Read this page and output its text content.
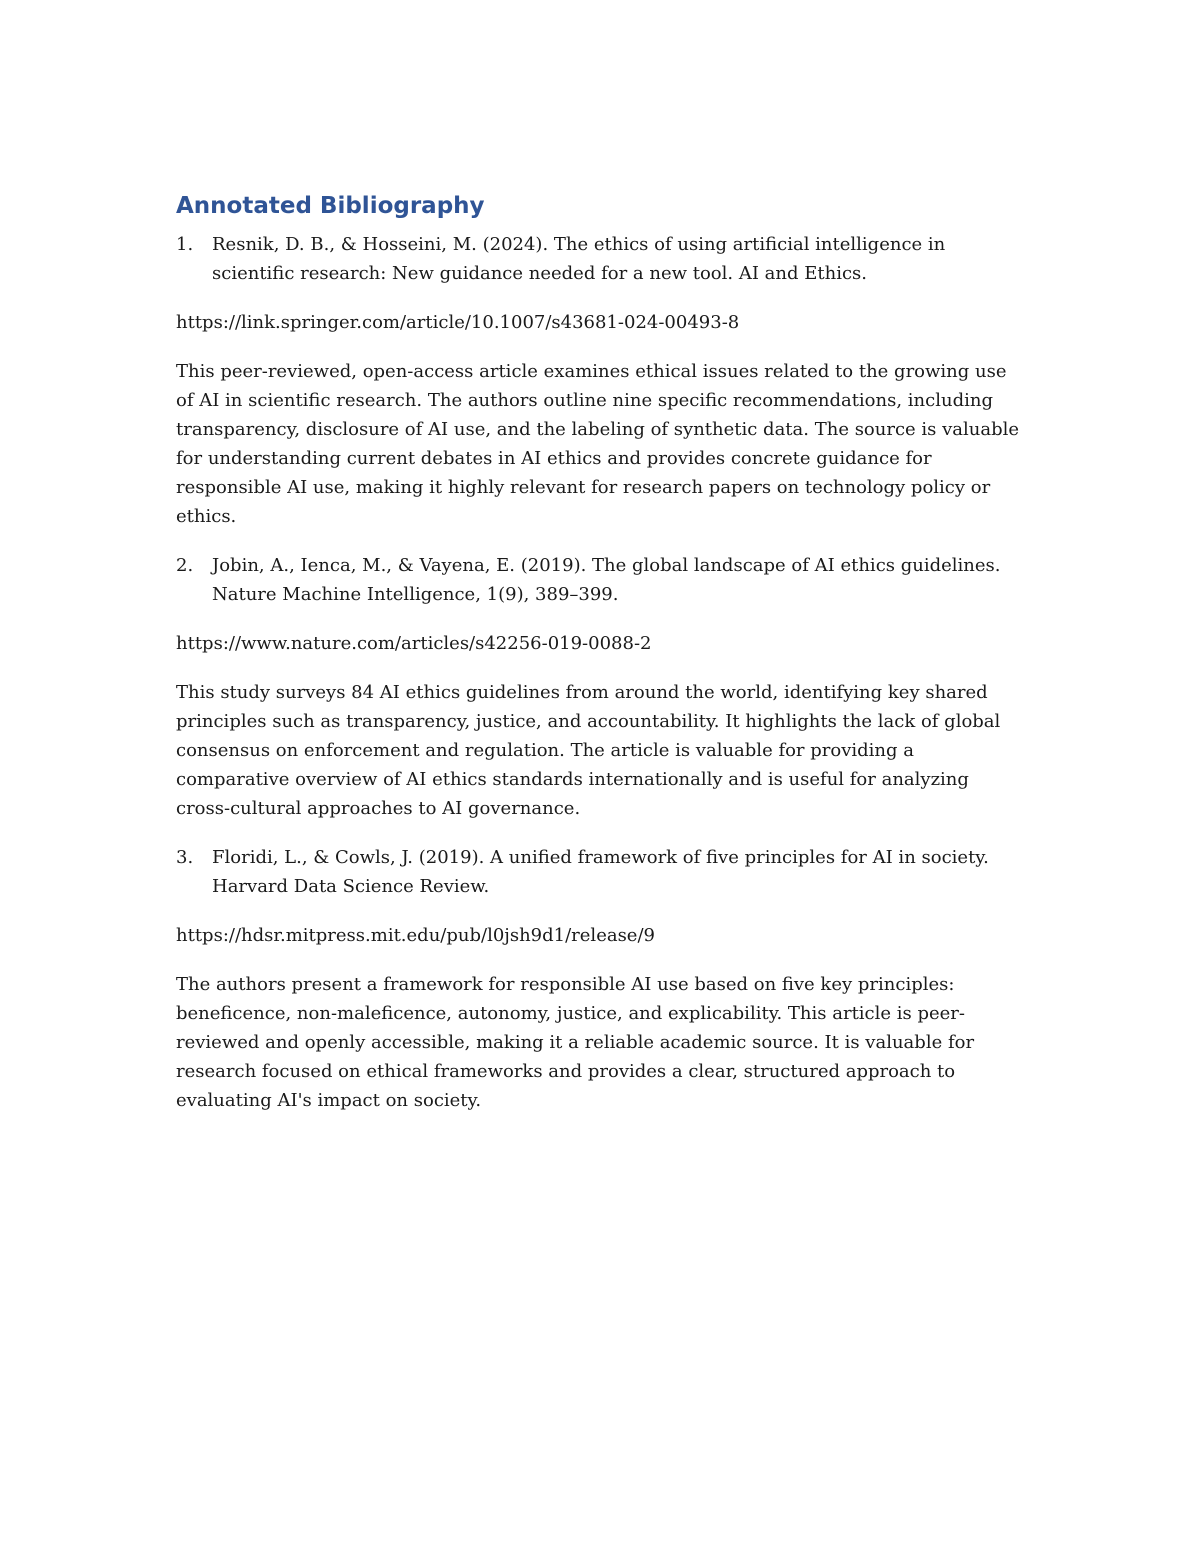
Annotated Bibliography
1.	Resnik, D. B., & Hosseini, M. (2024). The ethics of using artificial intelligence in scientific research: New guidance needed for a new tool. AI and Ethics.

https://link.springer.com/article/10.1007/s43681-024-00493-8

This peer-reviewed, open-access article examines ethical issues related to the growing use of AI in scientific research. The authors outline nine specific recommendations, including transparency, disclosure of AI use, and the labeling of synthetic data. The source is valuable for understanding current debates in AI ethics and provides concrete guidance for responsible AI use, making it highly relevant for research papers on technology policy or ethics.

2.	Jobin, A., Ienca, M., & Vayena, E. (2019). The global landscape of AI ethics guidelines. Nature Machine Intelligence, 1(9), 389–399.

https://www.nature.com/articles/s42256-019-0088-2

This study surveys 84 AI ethics guidelines from around the world, identifying key shared principles such as transparency, justice, and accountability. It highlights the lack of global consensus on enforcement and regulation. The article is valuable for providing a comparative overview of AI ethics standards internationally and is useful for analyzing cross-cultural approaches to AI governance.

3.	Floridi, L., & Cowls, J. (2019). A unified framework of five principles for AI in society. Harvard Data Science Review.

https://hdsr.mitpress.mit.edu/pub/l0jsh9d1/release/9

The authors present a framework for responsible AI use based on five key principles: beneficence, non-maleficence, autonomy, justice, and explicability. This article is peer-reviewed and openly accessible, making it a reliable academic source. It is valuable for research focused on ethical frameworks and provides a clear, structured approach to evaluating AI's impact on society.
